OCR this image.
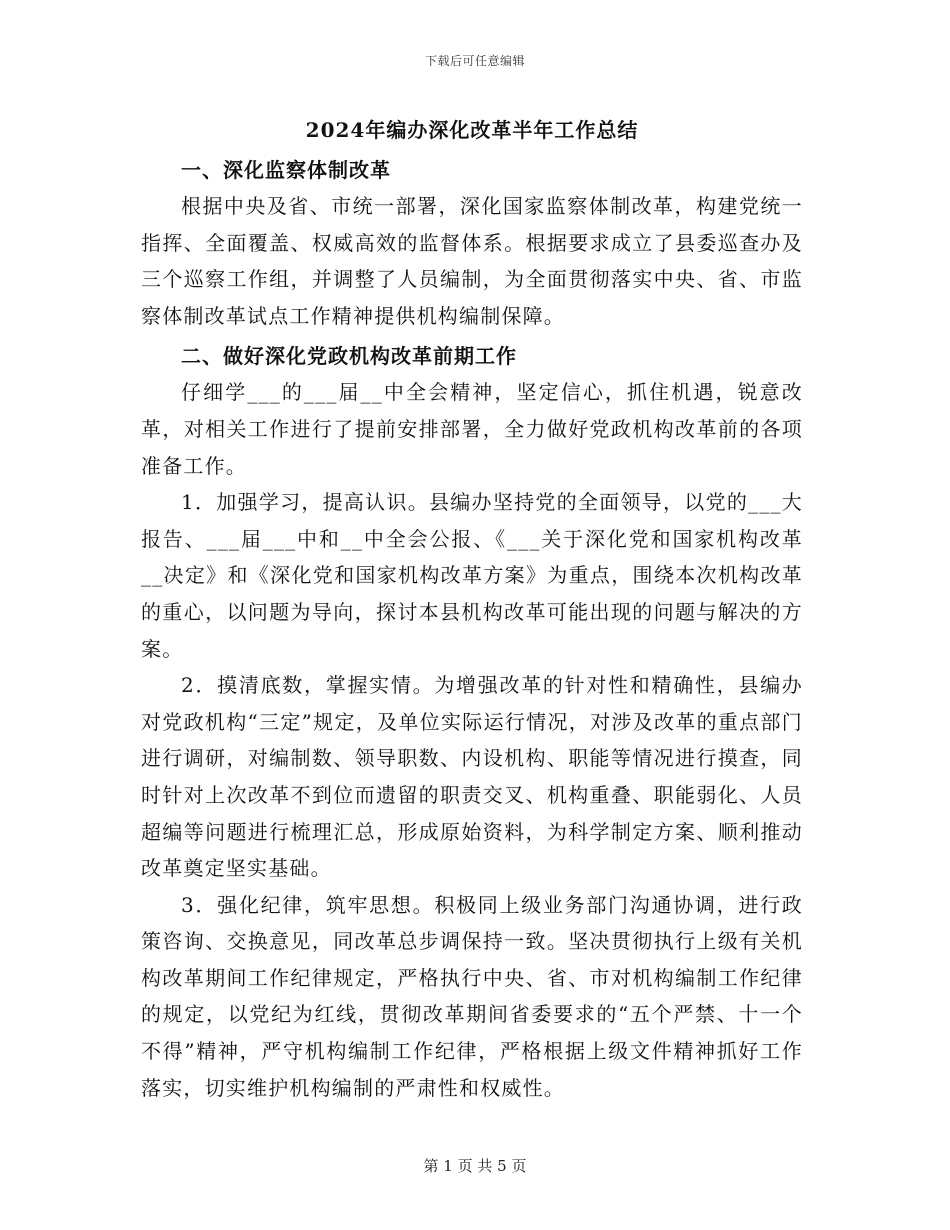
下载后可任意编辑
2024年编办深化改革半年工作总结
一、深化监察体制改革

根据中央及省、市统一部署，深化国家监察体制改革，构建党统一指挥、全面覆盖、权威高效的监督体系。根据要求成立了县委巡查办及三个巡察工作组，并调整了人员编制，为全面贯彻落实中央、省、市监察体制改革试点工作精神提供机构编制保障。

二、做好深化党政机构改革前期工作

仔细学___的___届__中全会精神，坚定信心，抓住机遇，锐意改革，对相关工作进行了提前安排部署，全力做好党政机构改革前的各项准备工作。

1．加强学习，提高认识。县编办坚持党的全面领导，以党的___大报告、___届___中和__中全会公报、《___关于深化党和国家机构改革__决定》和《深化党和国家机构改革方案》为重点，围绕本次机构改革的重心，以问题为导向，探讨本县机构改革可能出现的问题与解决的方案。

2．摸清底数，掌握实情。为增强改革的针对性和精确性，县编办对党政机构“三定”规定，及单位实际运行情况，对涉及改革的重点部门进行调研，对编制数、领导职数、内设机构、职能等情况进行摸查，同时针对上次改革不到位而遗留的职责交叉、机构重叠、职能弱化、人员超编等问题进行梳理汇总，形成原始资料，为科学制定方案、顺利推动改革奠定坚实基础。

3．强化纪律，筑牢思想。积极同上级业务部门沟通协调，进行政策咨询、交换意见，同改革总步调保持一致。坚决贯彻执行上级有关机构改革期间工作纪律规定，严格执行中央、省、市对机构编制工作纪律的规定，以党纪为红线，贯彻改革期间省委要求的“五个严禁、十一个不得”精神，严守机构编制工作纪律，严格根据上级文件精神抓好工作落实，切实维护机构编制的严肃性和权威性。

第 1 页 共 5 页
